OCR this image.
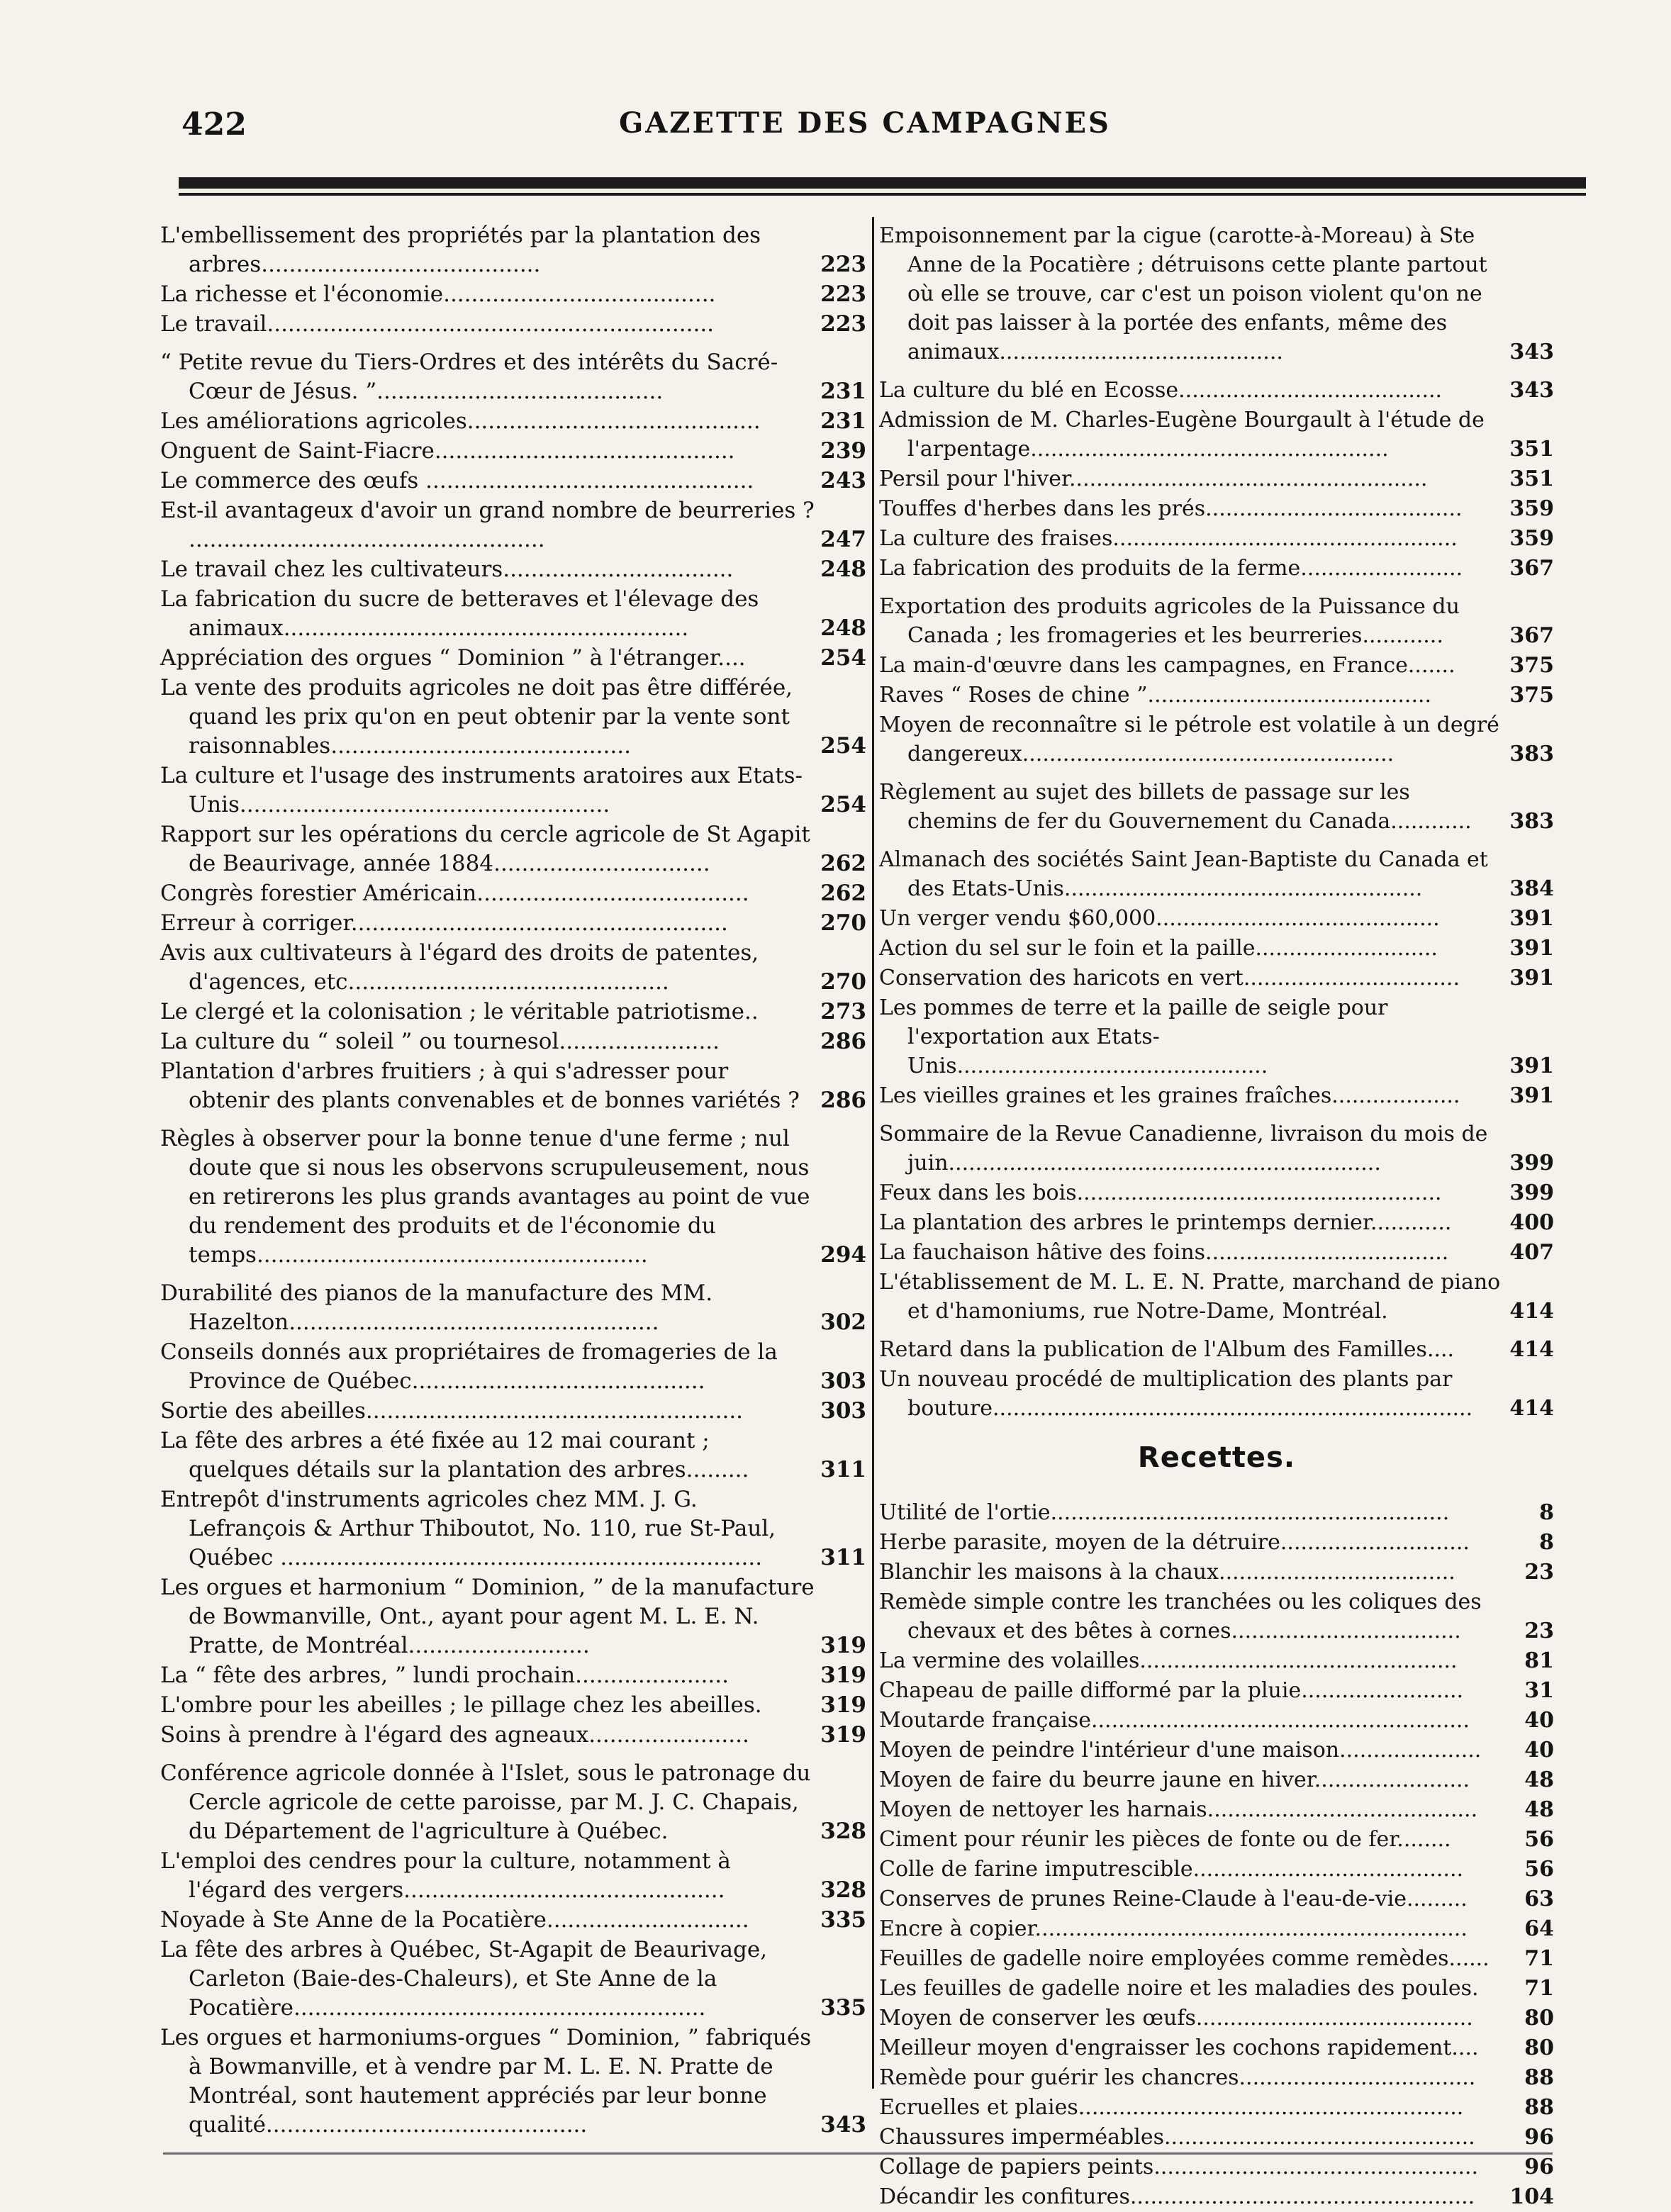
422	GAZETTE DES CAMPAGNES
L'embellissement des propriétés par la plantation des arbres........................................	223
La richesse et l'économie.......................................	223
Le travail................................................................	223
“ Petite revue du Tiers-Ordres et des intérêts du Sacré-Cœur de Jésus. ”.........................................	231
Les améliorations agricoles..........................................	231
Onguent de Saint-Fiacre...........................................	239
Le commerce des œufs ...............................................	243
Est-il avantageux d'avoir un grand nombre de beurreries ? ...................................................	247
Le travail chez les cultivateurs.................................	248
La fabrication du sucre de betteraves et l'élevage des animaux..........................................................	248
Appréciation des orgues “ Dominion ” à l'étranger....	254
La vente des produits agricoles ne doit pas être différée, quand les prix qu'on en peut obtenir par la vente sont raisonnables...........................................	254
La culture et l'usage des instruments aratoires aux Etats-Unis.....................................................	254
Rapport sur les opérations du cercle agricole de St Agapit de Beaurivage, année 1884...............................	262
Congrès forestier Américain.......................................	262
Erreur à corriger......................................................	270
Avis aux cultivateurs à l'égard des droits de patentes, d'agences, etc..............................................	270
Le clergé et la colonisation ; le véritable patriotisme..	273
La culture du “ soleil ” ou tournesol.......................	286
Plantation d'arbres fruitiers ; à qui s'adresser pour obtenir des plants convenables et de bonnes variétés ? 286
Règles à observer pour la bonne tenue d'une ferme ; nul doute que si nous les observons scrupuleusement, nous en retirerons les plus grands avantages au point de vue du rendement des produits et de l'économie du temps........................................................	294
Durabilité des pianos de la manufacture des MM. Hazelton.....................................................	302
Conseils donnés aux propriétaires de fromageries de la Province de Québec..........................................	303
Sortie des abeilles......................................................	303
La fête des arbres a été fixée au 12 mai courant ; quelques détails sur la plantation des arbres.........	311
Entrepôt d'instruments agricoles chez MM. J. G. Lefrançois & Arthur Thiboutot, No. 110, rue St-Paul, Québec .....................................................................	311
Les orgues et harmonium “ Dominion, ” de la manufacture de Bowmanville, Ont., ayant pour agent M. L. E. N. Pratte, de Montréal..........................	319
La “ fête des arbres, ” lundi prochain......................	319
L'ombre pour les abeilles ; le pillage chez les abeilles.	319
Soins à prendre à l'égard des agneaux.......................	319
Conférence agricole donnée à l'Islet, sous le patronage du Cercle agricole de cette paroisse, par M. J. C. Chapais, du Département de l'agriculture à Québec.	328
L'emploi des cendres pour la culture, notamment à l'égard des vergers..............................................	328
Noyade à Ste Anne de la Pocatière.............................	335
La fête des arbres à Québec, St-Agapit de Beaurivage, Carleton (Baie-des-Chaleurs), et Ste Anne de la Pocatière...........................................................	335
Les orgues et harmoniums-orgues “ Dominion, ” fabriqués à Bowmanville, et à vendre par M. L. E. N. Pratte de Montréal, sont hautement appréciés par leur bonne qualité..............................................	343
Empoisonnement par la cigue (carotte-à-Moreau) à Ste Anne de la Pocatière ; détruisons cette plante partout où elle se trouve, car c'est un poison violent qu'on ne doit pas laisser à la portée des enfants, même des animaux..........................................	343
La culture du blé en Ecosse.......................................	343
Admission de M. Charles-Eugène Bourgault à l'étude de l'arpentage.....................................................	351
Persil pour l'hiver.....................................................	351
Touffes d'herbes dans les prés......................................	359
La culture des fraises...................................................	359
La fabrication des produits de la ferme........................	367
Exportation des produits agricoles de la Puissance du Canada ; les fromageries et les beurreries............	367
La main-d'œuvre dans les campagnes, en France.......	375
Raves “ Roses de chine ”..........................................	375
Moyen de reconnaître si le pétrole est volatile à un degré dangereux.......................................................	383
Règlement au sujet des billets de passage sur les chemins de fer du Gouvernement du Canada............	383
Almanach des sociétés Saint Jean-Baptiste du Canada et des Etats-Unis.....................................................	384
Un verger vendu $60,000..........................................	391
Action du sel sur le foin et la paille...........................	391
Conservation des haricots en vert................................	391
Les pommes de terre et la paille de seigle pour l'exportation aux Etats-Unis..............................................	391
Les vieilles graines et les graines fraîches...................	391
Sommaire de la Revue Canadienne, livraison du mois de juin................................................................	399
Feux dans les bois......................................................	399
La plantation des arbres le printemps dernier............	400
La fauchaison hâtive des foins....................................	407
L'établissement de M. L. E. N. Pratte, marchand de piano et d'hamoniums, rue Notre-Dame, Montréal.	414
Retard dans la publication de l'Album des Familles....	414
Un nouveau procédé de multiplication des plants par bouture.......................................................................	414
Recettes.
Utilité de l'ortie...........................................................	8
Herbe parasite, moyen de la détruire............................	8
Blanchir les maisons à la chaux...................................	23
Remède simple contre les tranchées ou les coliques des chevaux et des bêtes à cornes..................................	23
La vermine des volailles...............................................	81
Chapeau de paille difformé par la pluie........................	31
Moutarde française........................................................	40
Moyen de peindre l'intérieur d'une maison.....................	40
Moyen de faire du beurre jaune en hiver.......................	48
Moyen de nettoyer les harnais........................................	48
Ciment pour réunir les pièces de fonte ou de fer........	56
Colle de farine imputrescible........................................	56
Conserves de prunes Reine-Claude à l'eau-de-vie.........	63
Encre à copier................................................................	64
Feuilles de gadelle noire employées comme remèdes......	71
Les feuilles de gadelle noire et les maladies des poules.	71
Moyen de conserver les œufs.........................................	80
Meilleur moyen d'engraisser les cochons rapidement....	80
Remède pour guérir les chancres...................................	88
Ecruelles et plaies.........................................................	88
Chaussures imperméables..............................................	96
Collage de papiers peints................................................	96
Décandir les confitures...................................................	104
